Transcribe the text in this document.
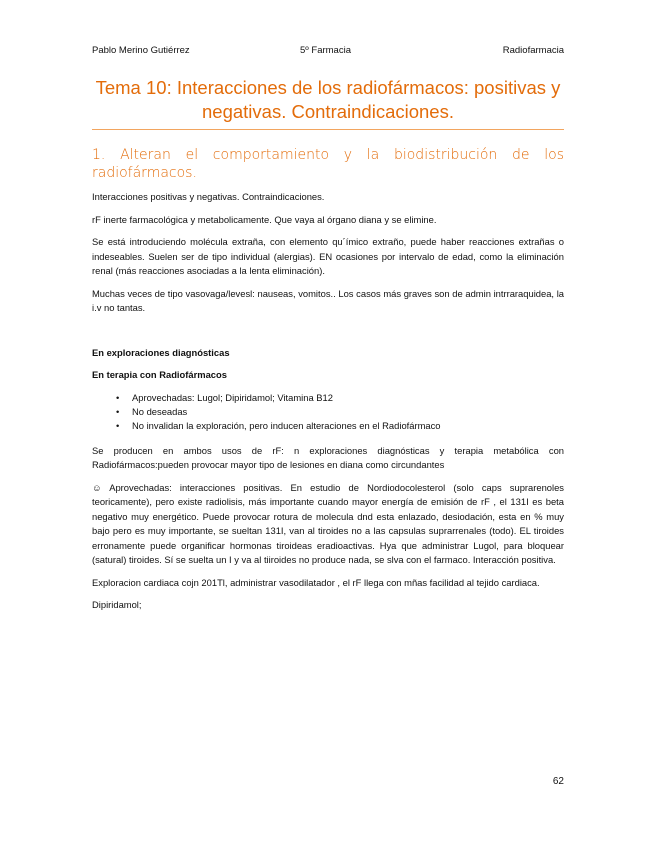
Pablo Merino Gutiérrez	5º Farmacia	Radiofarmacia
Tema 10: Interacciones de los radiofármacos: positivas y negativas. Contraindicaciones.
1. Alteran el comportamiento y la biodistribución de los radiofármacos.

Interacciones positivas y negativas. Contraindicaciones.

rF inerte farmacológica y metabolicamente. Que vaya al órgano diana y se elimine.

Se está introduciendo molécula extraña, con elemento qu´ímico extraño, puede haber reacciones extrañas o indeseables. Suelen ser de tipo individual (alergias). EN ocasiones por intervalo de edad, como la eliminación renal (más reacciones asociadas a la lenta eliminación).

Muchas veces de tipo vasovaga/levesl: nauseas, vomitos.. Los casos más graves son de admin intrraraquidea, la i.v no tantas.

En exploraciones diagnósticas

En terapia con Radiofármacos

• Aprovechadas: Lugol; Dipiridamol; Vitamina B12
• No deseadas
• No invalidan la exploración, pero inducen alteraciones en el Radiofármaco

Se producen en ambos usos de rF: n exploraciones diagnósticas y terapia metabólica con Radiofármacos:pueden provocar mayor tipo de lesiones en diana como circundantes

☺ Aprovechadas: interacciones positivas. En estudio de Nordiodocolesterol (solo caps suprarenoles teoricamente), pero existe radiolisis, más importante cuando mayor energía de emisión de rF , el 131I es beta negativo muy energético. Puede provocar rotura de molecula dnd esta enlazado, desiodación, esta en % muy bajo pero es muy importante, se sueltan 131I, van al tiroides no a las capsulas suprarrenales (todo). EL tiroides erronamente puede organificar hormonas tiroideas eradioactivas. Hya que administrar Lugol, para bloquear (satural) tiroides. Sí se suelta un I y va al tiiroides no produce nada, se slva con el farmaco. Interacción positiva.

Exploracion cardiaca cojn 201Tl, administrar vasodilatador , el rF llega con mñas facilidad al tejido cardiaca.

Dipiridamol;

62
